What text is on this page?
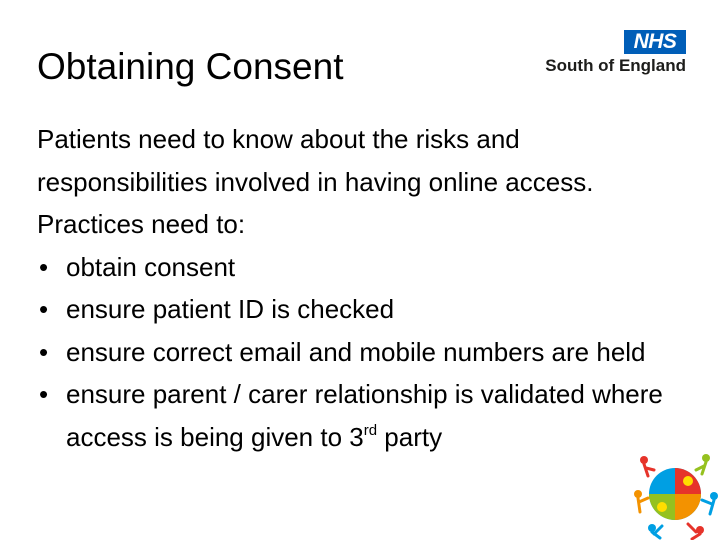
Obtaining Consent
NHS
South of England

Patients need to know about the risks and responsibilities involved in having online access.

Practices need to:

• obtain consent
• ensure patient ID is checked
• ensure correct email and mobile numbers are held
• ensure parent / carer relationship is validated where access is being given to 3rd party
